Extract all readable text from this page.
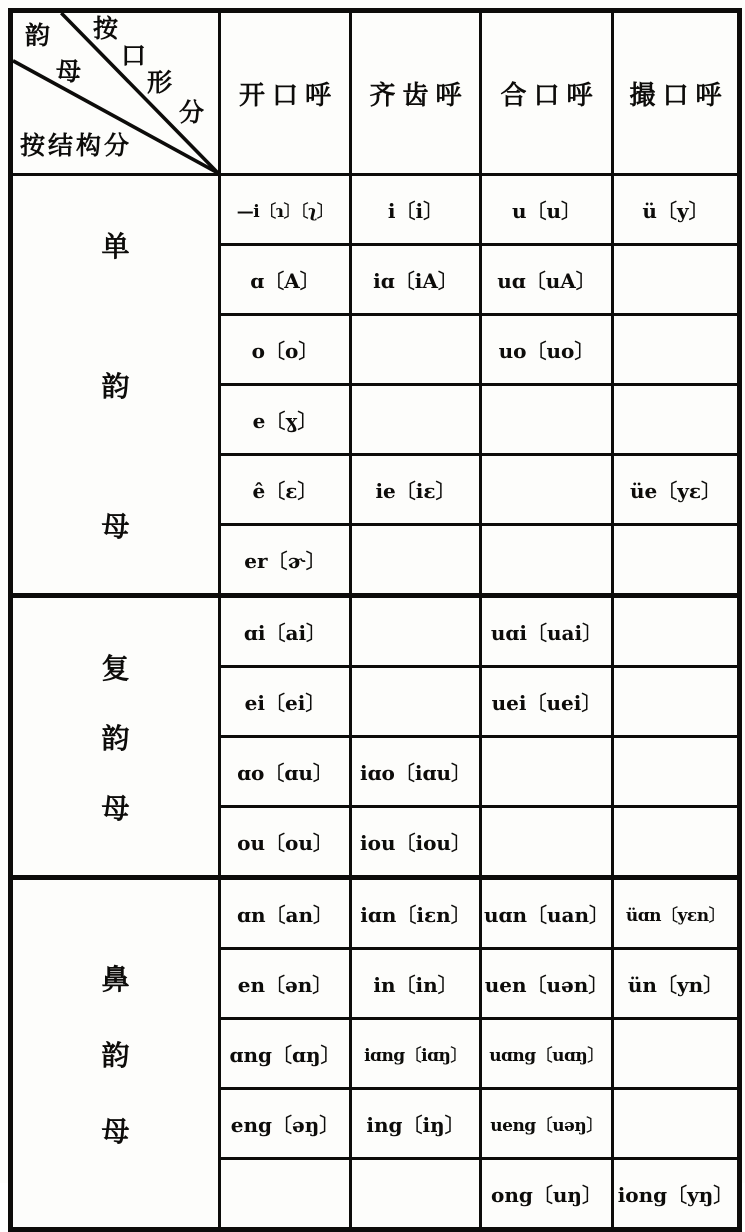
韵
母
按
口
形
分
按结构分
	开口呼	齐齿呼	合口呼	撮口呼

单
韵
母	—i〔ɿ〕〔ʅ〕	i〔i〕	u〔u〕	ü〔y〕
	ɑ〔A〕	iɑ〔iA〕	uɑ〔uA〕	
	o〔o〕		uo〔uo〕	
	e〔ɣ〕			
	ê〔ɛ〕	ie〔iɛ〕		üe〔yɛ〕
	er〔ɚ〕			

复
韵
母	ɑi〔ai〕		uɑi〔uai〕	
	ei〔ei〕		uei〔uei〕	
	ɑo〔ɑu〕	iɑo〔iɑu〕		
	ou〔ou〕	iou〔iou〕		

鼻
韵
母	ɑn〔an〕	iɑn〔iɛn〕	uɑn〔uan〕	üɑn〔yɛn〕
	en〔ən〕	in〔in〕	uen〔uən〕	ün〔yn〕
	ɑng〔ɑŋ〕	iɑng〔iɑŋ〕	uɑng〔uɑŋ〕	
	eng〔əŋ〕	ing〔iŋ〕	ueng〔uəŋ〕	
			ong〔uŋ〕	iong〔yŋ〕
